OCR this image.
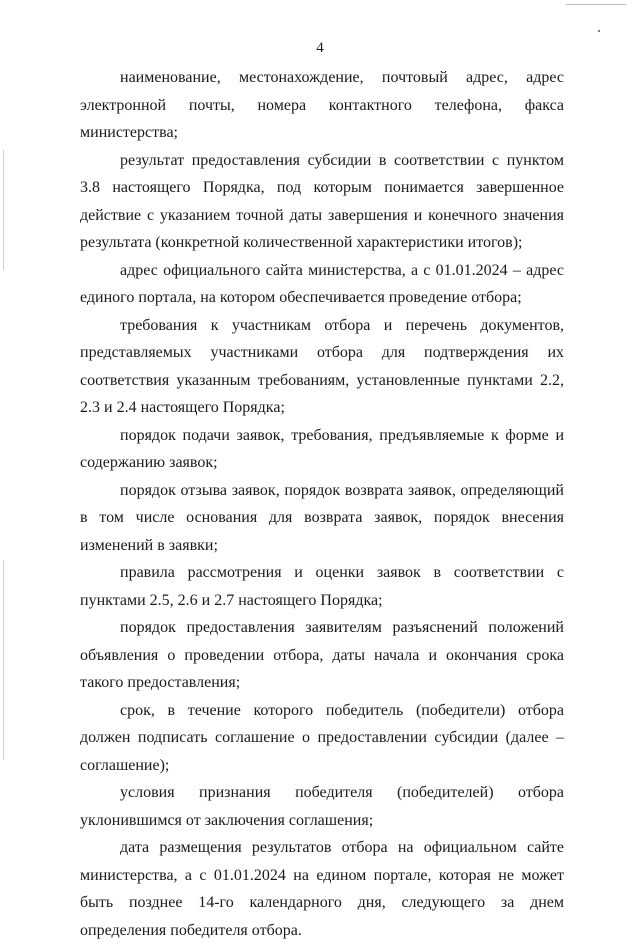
4

наименование, местонахождение, почтовый адрес, адрес электронной почты, номера контактного телефона, факса министерства;

результат предоставления субсидии в соответствии с пунктом 3.8 настоящего Порядка, под которым понимается завершенное действие с указанием точной даты завершения и конечного значения результата (конкретной количественной характеристики итогов);

адрес официального сайта министерства, а с 01.01.2024 – адрес единого портала, на котором обеспечивается проведение отбора;

требования к участникам отбора и перечень документов, представляемых участниками отбора для подтверждения их соответствия указанным требованиям, установленные пунктами 2.2, 2.3 и 2.4 настоящего Порядка;

порядок подачи заявок, требования, предъявляемые к форме и содержанию заявок;

порядок отзыва заявок, порядок возврата заявок, определяющий в том числе основания для возврата заявок, порядок внесения изменений в заявки;

правила рассмотрения и оценки заявок в соответствии с пунктами 2.5, 2.6 и 2.7 настоящего Порядка;

порядок предоставления заявителям разъяснений положений объявления о проведении отбора, даты начала и окончания срока такого предоставления;

срок, в течение которого победитель (победители) отбора должен подписать соглашение о предоставлении субсидии (далее – соглашение);

условия признания победителя (победителей) отбора уклонившимся от заключения соглашения;

дата размещения результатов отбора на официальном сайте министерства, а с 01.01.2024 на едином портале, которая не может быть позднее 14-го календарного дня, следующего за днем определения победителя отбора.
